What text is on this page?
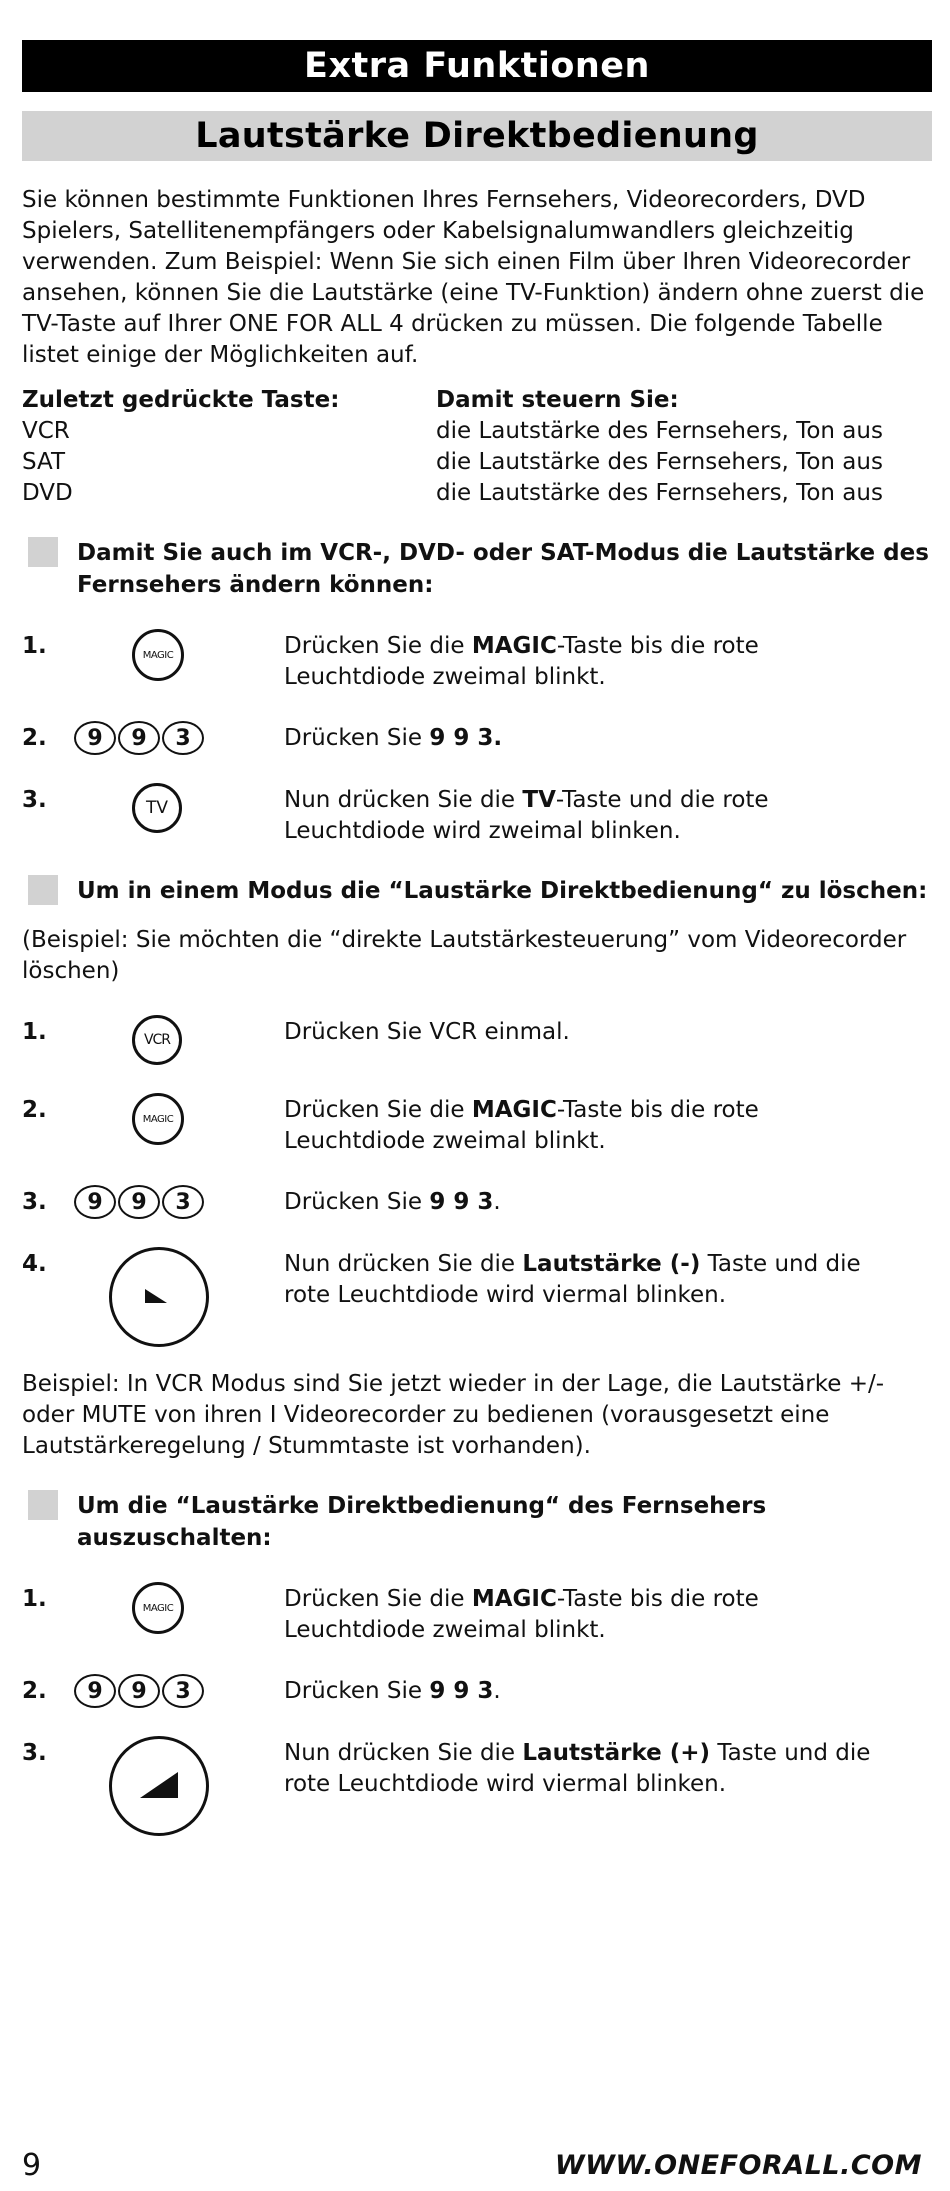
Extra Funktionen
Lautstärke Direktbedienung

Sie können bestimmte Funktionen Ihres Fernsehers, Videorecorders, DVD Spielers, Satellitenempfängers oder Kabelsignalumwandlers gleichzeitig verwenden. Zum Beispiel: Wenn Sie sich einen Film über Ihren Videorecorder ansehen, können Sie die Lautstärke (eine TV-Funktion) ändern ohne zuerst die TV-Taste auf Ihrer ONE FOR ALL 4 drücken zu müssen. Die folgende Tabelle listet einige der Möglichkeiten auf.

Zuletzt gedrückte Taste:	Damit steuern Sie:
VCR	die Lautstärke des Fernsehers, Ton aus
SAT	die Lautstärke des Fernsehers, Ton aus
DVD	die Lautstärke des Fernsehers, Ton aus
Damit Sie auch im VCR-, DVD- oder SAT-Modus die Lautstärke des Fernsehers ändern können:
1.	MAGIC	Drücken Sie die MAGIC-Taste bis die rote Leuchtdiode zweimal blinkt.
2.	9	9	3	Drücken Sie 9 9 3.
3.	TV	Nun drücken Sie die TV-Taste und die rote Leuchtdiode wird zweimal blinken.
Um in einem Modus die “Laustärke Direktbedienung“ zu löschen:

(Beispiel: Sie möchten die “direkte Lautstärkesteuerung” vom Videorecorder löschen)

1.	VCR	Drücken Sie VCR einmal.
2.	MAGIC	Drücken Sie die MAGIC-Taste bis die rote Leuchtdiode zweimal blinkt.
3.	9	9	3	Drücken Sie 9 9 3.
4.	Nun drücken Sie die Lautstärke (-) Taste und die rote Leuchtdiode wird viermal blinken.

Beispiel: In VCR Modus sind Sie jetzt wieder in der Lage, die Lautstärke +/- oder MUTE von ihren I Videorecorder zu bedienen (vorausgesetzt eine Lautstärkeregelung / Stummtaste ist vorhanden).

Um die “Laustärke Direktbedienung“ des Fernsehers auszuschalten:
1.	MAGIC	Drücken Sie die MAGIC-Taste bis die rote Leuchtdiode zweimal blinkt.
2.	9	9	3	Drücken Sie 9 9 3.
3.	Nun drücken Sie die Lautstärke (+) Taste und die rote Leuchtdiode wird viermal blinken.
9	WWW.ONEFORALL.COM
